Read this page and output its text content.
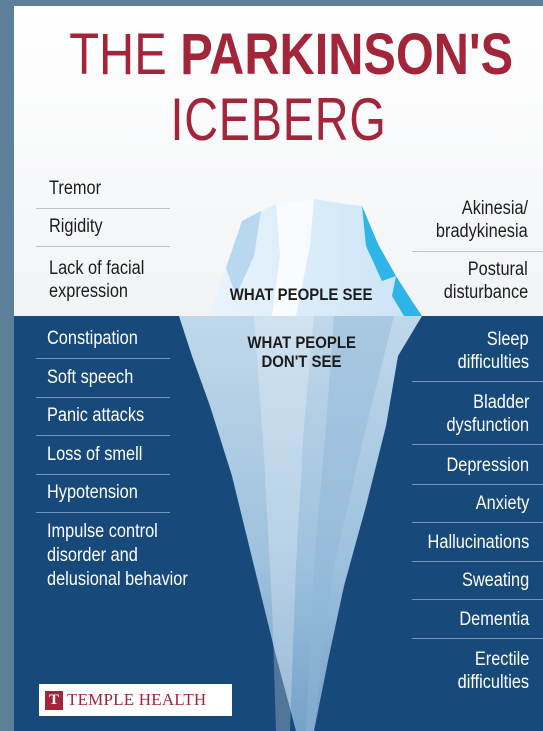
THE PARKINSON'S
ICEBERG
Tremor
Rigidity
Lack of facial
expression
Akinesia/
bradykinesia
Postural
disturbance
WHAT PEOPLE SEE
WHAT PEOPLE
DON'T SEE
Constipation
Soft speech
Panic attacks
Loss of smell
Hypotension
Impulse control
disorder and
delusional behavior
Sleep
difficulties
Bladder
dysfunction
Depression
Anxiety
Hallucinations
Sweating
Dementia
Erectile
difficulties
T TEMPLE HEALTH
